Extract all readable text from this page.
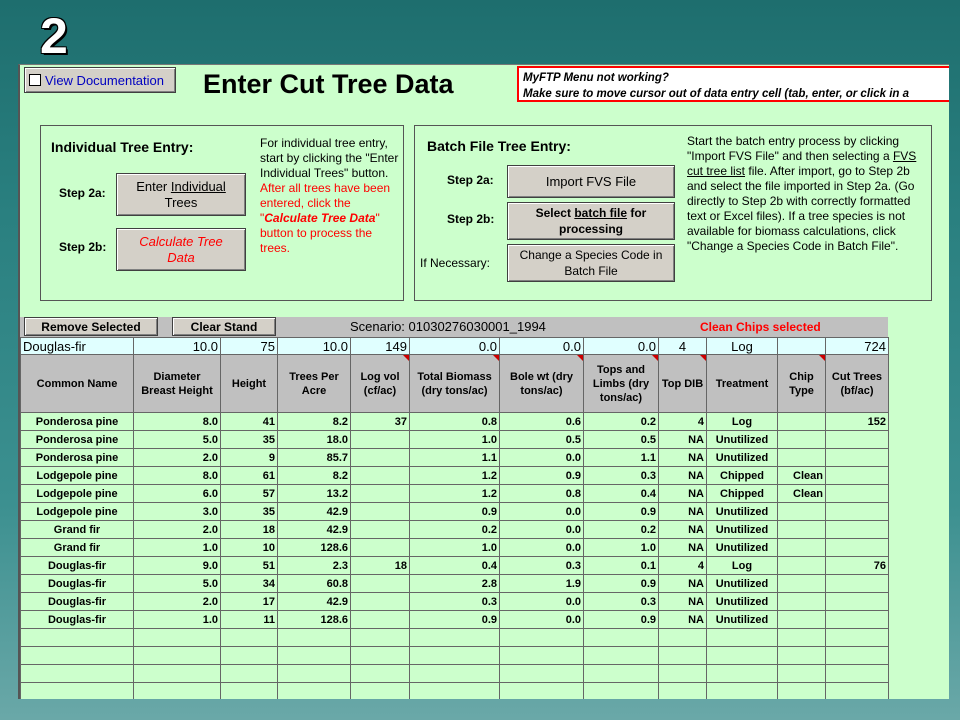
2
View Documentation Enter Cut Tree Data	MyFTP Menu not working?
Make sure to move cursor out of data entry cell (tab, enter, or click in a
Individual Tree Entry:
Step 2a:
Step 2b:
Enter Individual
Trees
Calculate Tree Data
For individual tree entry, start by clicking the "Enter Individual Trees" button. After all trees have been entered, click the "Calculate Tree Data" button to process the trees.
Batch File Tree Entry:
Step 2a:
Step 2b:
If Necessary:
Import FVS File
Select batch file for processing
Change a Species Code in Batch File
Start the batch entry process by clicking "Import FVS File" and then selecting a FVS cut tree list file. After import, go to Step 2b and select the file imported in Step 2a. (Go directly to Step 2b with correctly formatted text or Excel files). If a tree species is not available for biomass calculations, click "Change a Species Code in Batch File".
Remove Selected	Clear Stand	Scenario: 01030276030001_1994	Clean Chips selected
Douglas-fir	10.0	75	10.0	149	0.0	0.0	0.0	4	Log		724
Common Name	Diameter Breast Height	Height	Trees Per Acre	Log vol (cf/ac)	Total Biomass (dry tons/ac)	Bole wt (dry tons/ac)	Tops and Limbs (dry tons/ac)	Top DIB	Treatment	Chip Type	Cut Trees (bf/ac)
Ponderosa pine	8.0	41	8.2	37	0.8	0.6	0.2	4	Log		152
Ponderosa pine	5.0	35	18.0		1.0	0.5	0.5	NA	Unutilized		
Ponderosa pine	2.0	9	85.7		1.1	0.0	1.1	NA	Unutilized		
Lodgepole pine	8.0	61	8.2		1.2	0.9	0.3	NA	Chipped	Clean	
Lodgepole pine	6.0	57	13.2		1.2	0.8	0.4	NA	Chipped	Clean	
Lodgepole pine	3.0	35	42.9		0.9	0.0	0.9	NA	Unutilized		
Grand fir	2.0	18	42.9		0.2	0.0	0.2	NA	Unutilized		
Grand fir	1.0	10	128.6		1.0	0.0	1.0	NA	Unutilized		
Douglas-fir	9.0	51	2.3	18	0.4	0.3	0.1	4	Log		76
Douglas-fir	5.0	34	60.8		2.8	1.9	0.9	NA	Unutilized		
Douglas-fir	2.0	17	42.9		0.3	0.0	0.3	NA	Unutilized		
Douglas-fir	1.0	11	128.6		0.9	0.0	0.9	NA	Unutilized		
